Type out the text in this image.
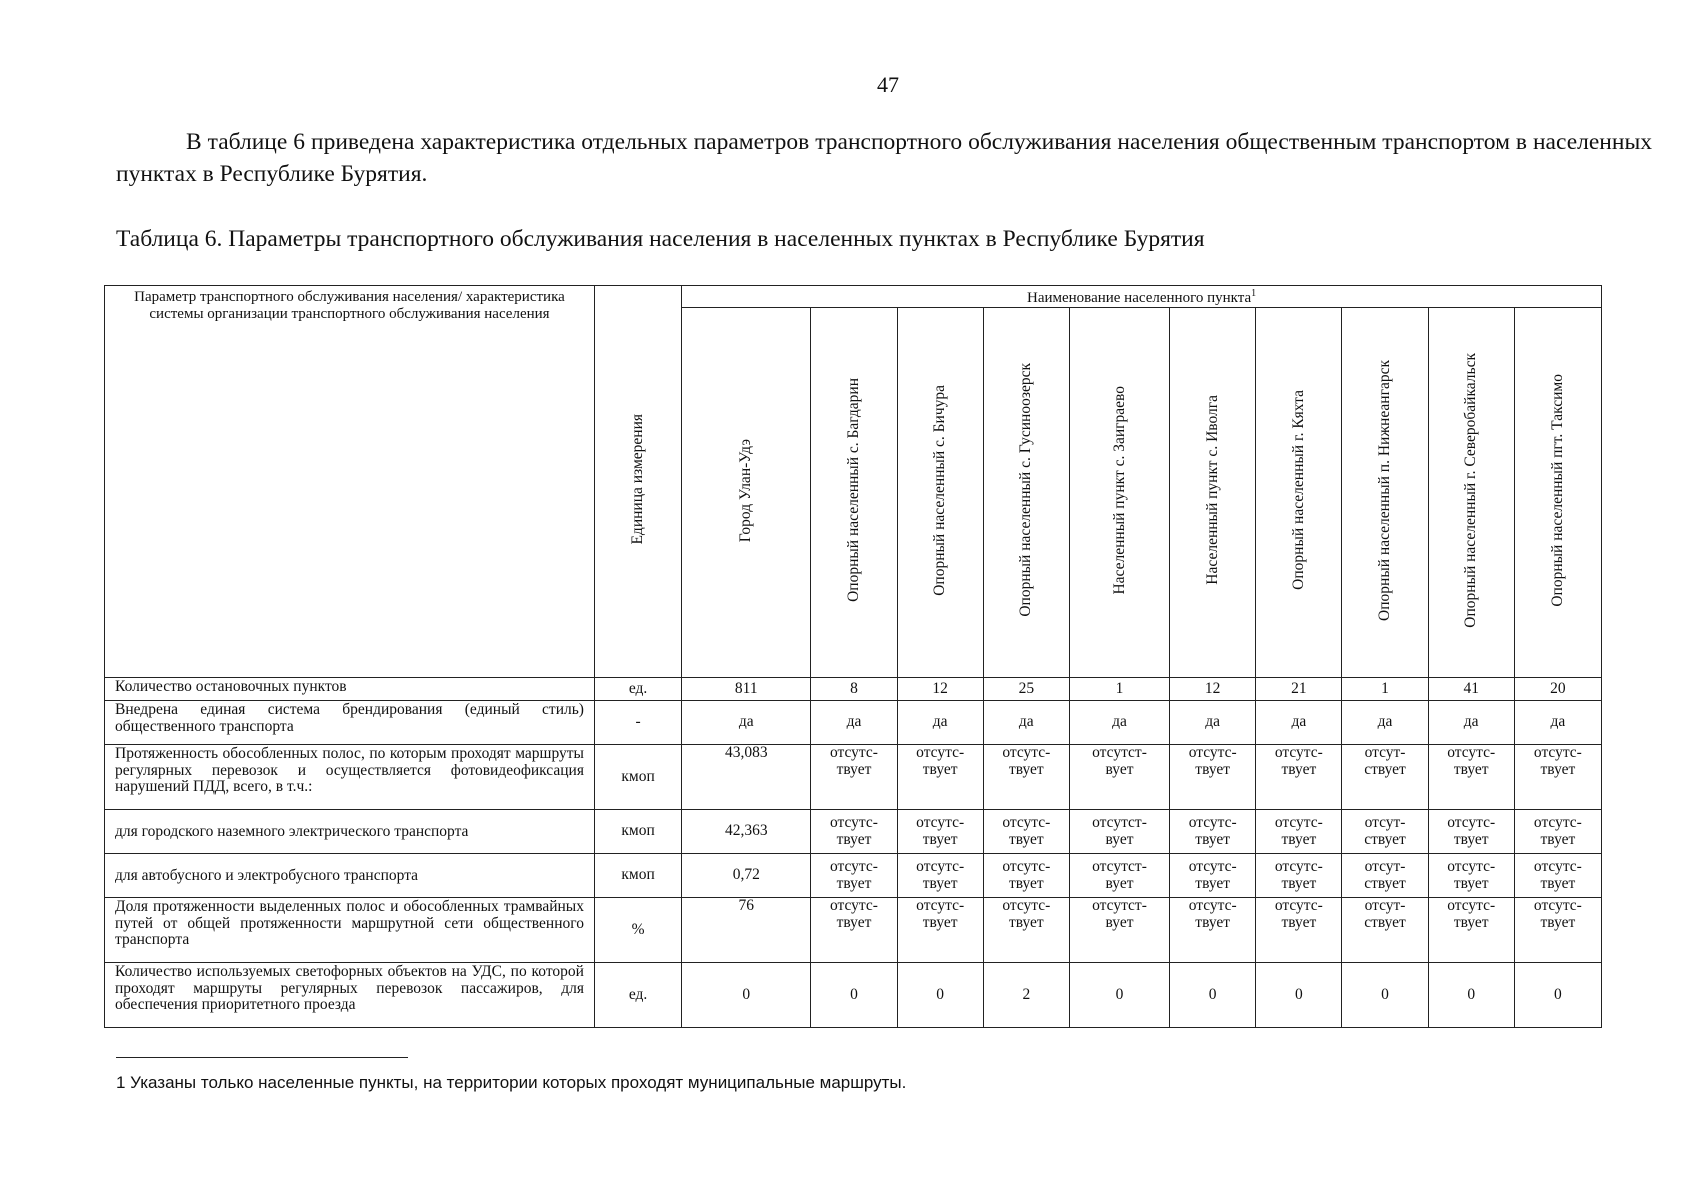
47

В таблице 6 приведена характеристика отдельных параметров транспортного обслуживания населения общественным транспортом в населенных пунктах в Республике Бурятия.

Таблица 6. Параметры транспортного обслуживания населения в населенных пунктах в Республике Бурятия

Параметр транспортного обслуживания населения/ характеристика системы организации транспортного обслуживания населения	Единица измерения	Наименование населенного пункта$^1$
		Город Улан-Удэ	Опорный населенный с. Багдарин	Опорный населенный с. Бичура	Опорный населенный с. Гусиноозерск	Населенный пункт с. Заиграево	Населенный пункт с. Иволга	Опорный населенный г. Кяхта	Опорный населенный п. Нижнеангарск	Опорный населенный г. Северобайкальск	Опорный населенный пгт. Таксимо
Количество остановочных пунктов	ед.	811	8	12	25	1	12	21	1	41	20
Внедрена единая система брендирования (единый стиль) общественного транспорта	-	да	да	да	да	да	да	да	да	да	да
Протяженность обособленных полос, по которым проходят маршруты регулярных перевозок и осуществляется фотовидеофиксация нарушений ПДД, всего, в т.ч.:	кмоп	43,083	отсутс-
твует	отсутс-
твует	отсутс-
твует	отсутст-
вует	отсутс-
твует	отсутс-
твует	отсут-
ствует	отсутс-
твует	отсутс-
твует
для городского наземного электрического транспорта	кмоп	42,363	отсутс-
твует	отсутс-
твует	отсутс-
твует	отсутст-
вует	отсутс-
твует	отсутс-
твует	отсут-
ствует	отсутс-
твует	отсутс-
твует
для автобусного и электробусного транспорта	кмоп	0,72	отсутс-
твует	отсутс-
твует	отсутс-
твует	отсутст-
вует	отсутс-
твует	отсутс-
твует	отсут-
ствует	отсутс-
твует	отсутс-
твует
Доля протяженности выделенных полос и обособленных трамвайных путей от общей протяженности маршрутной сети общественного транспорта	%	76	отсутс-
твует	отсутс-
твует	отсутс-
твует	отсутст-
вует	отсутс-
твует	отсутс-
твует	отсут-
ствует	отсутс-
твует	отсутс-
твует

Количество используемых светофорных объектов на УДС, по которой проходят маршруты регулярных перевозок пассажиров, для обеспечения приоритетного проезда	ед.	0	0	0	2	0	0	0	0	0	0
1 Указаны только населенные пункты, на территории которых проходят муниципальные маршруты.
